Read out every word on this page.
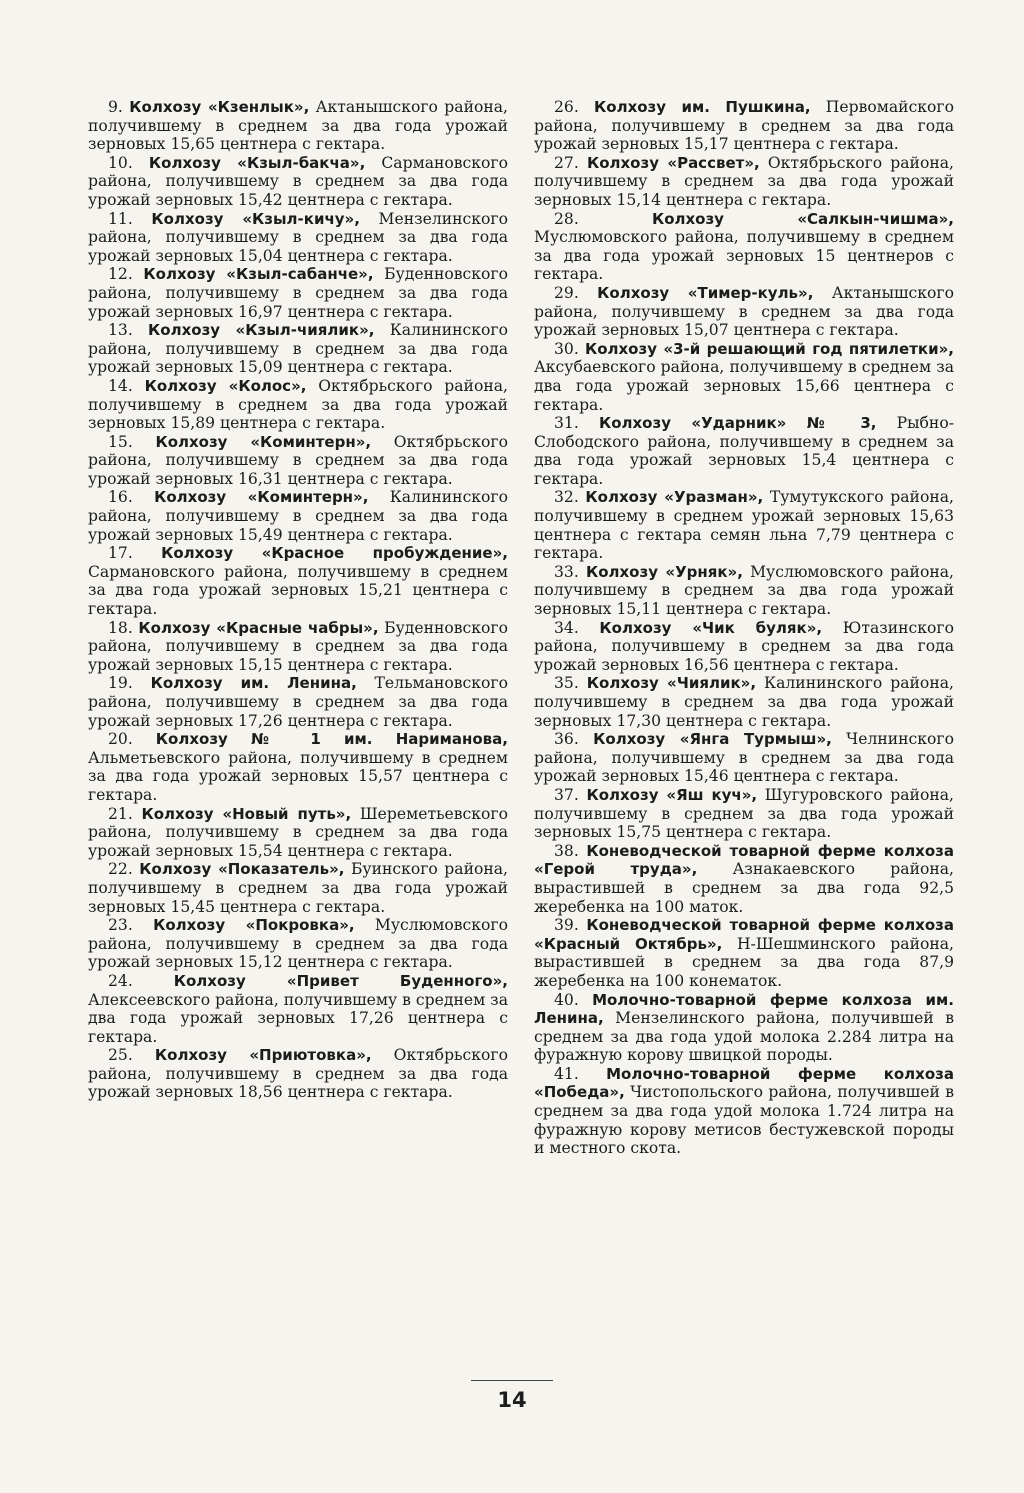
9. Колхозу «Кзенлык», Актанышского района, получившему в среднем за два года урожай зерновых 15,65 центнера с гектара.

10. Колхозу «Кзыл-бакча», Сармановского района, получившему в среднем за два года урожай зерновых 15,42 центнера с гектара.

11. Колхозу «Кзыл-кичу», Мензелинского района, получившему в среднем за два года урожай зерновых 15,04 центнера с гектара.

12. Колхозу «Кзыл-сабанче», Буденновского района, получившему в среднем за два года урожай зерновых 16,97 центнера с гектара.

13. Колхозу «Кзыл-чиялик», Калининского района, получившему в среднем за два года урожай зерновых 15,09 центнера с гектара.

14. Колхозу «Колос», Октябрьского района, получившему в среднем за два года урожай зерновых 15,89 центнера с гектара.

15. Колхозу «Коминтерн», Октябрьского района, получившему в среднем за два года урожай зерновых 16,31 центнера с гектара.

16. Колхозу «Коминтерн», Калининского района, получившему в среднем за два года урожай зерновых 15,49 центнера с гектара.

17. Колхозу «Красное пробуждение», Сармановского района, получившему в среднем за два года урожай зерновых 15,21 центнера с гектара.

18. Колхозу «Красные чабры», Буденновского района, получившему в среднем за два года урожай зерновых 15,15 центнера с гектара.

19. Колхозу им. Ленина, Тельмановского района, получившему в среднем за два года урожай зерновых 17,26 центнера с гектара.

20. Колхозу № 1 им. Нариманова, Альметьевского района, получившему в среднем за два года урожай зерновых 15,57 центнера с гектара.

21. Колхозу «Новый путь», Шереметьевского района, получившему в среднем за два года урожай зерновых 15,54 центнера с гектара.

22. Колхозу «Показатель», Буинского района, получившему в среднем за два года урожай зерновых 15,45 центнера с гектара.

23. Колхозу «Покровка», Муслюмовского района, получившему в среднем за два года урожай зерновых 15,12 центнера с гектара.

24.	Колхозу «Привет Буденного», Алексеевского района, получившему в среднем за два года урожай зерновых 17,26 центнера с гектара.

25. Колхозу «Приютовка», Октябрьского района, получившему в среднем за два года урожай зерновых 18,56 центнера с гектара.

26. Колхозу им. Пушкина, Первомайского района, получившему в среднем за два года урожай зерновых 15,17 центнера с гектара.

27. Колхозу «Рассвет», Октябрьского района, получившему в среднем за два года урожай зерновых 15,14 центнера с гектара.

28.	Колхозу «Салкын-чишма», Муслюмовского района, получившему в среднем за два года урожай зерновых 15 центнеров с гектара.

29. Колхозу «Тимер-куль», Актанышского района, получившему в среднем за два года урожай зерновых 15,07 центнера с гектара.

30. Колхозу «3-й решающий год пятилетки», Аксубаевского района, получившему в среднем за два года урожай зерновых 15,66 центнера с гектара.

31. Колхозу «Ударник» № 3, Рыбно-Слободского района, получившему в среднем за два года урожай зерновых 15,4 центнера с гектара.

32. Колхозу «Уразман», Тумутукского района, получившему в среднем урожай зерновых 15,63 центнера с гектара семян льна 7,79 центнера с гектара.

33. Колхозу «Урняк», Муслюмовского района, получившему в среднем за два года урожай зерновых 15,11 центнера с гектара.

34. Колхозу «Чик буляк», Ютазинского района, получившему в среднем за два года урожай зерновых 16,56 центнера с гектара.

35. Колхозу «Чиялик», Калининского района, получившему в среднем за два года урожай зерновых 17,30 центнера с гектара.

36. Колхозу «Янга Турмыш», Челнинского района, получившему в среднем за два года урожай зерновых 15,46 центнера с гектара.

37. Колхозу «Яш куч», Шугуровского района, получившему в среднем за два года урожай зерновых 15,75 центнера с гектара.

38. Коневодческой товарной ферме колхоза «Герой труда», Азнакаевского района, вырастившей в среднем за два года 92,5 жеребенка на 100 маток.

39. Коневодческой товарной ферме колхоза «Красный Октябрь», Н-Шешминского района, вырастившей в среднем за два года 87,9 жеребенка на 100 конематок.

40. Молочно-товарной ферме колхоза им. Ленина, Мензелинского района, получившей в среднем за два года удой молока 2.284 литра на фуражную корову швицкой породы.

41. Молочно-товарной ферме колхоза «Победа», Чистопольского района, получившей в среднем за два года удой молока 1.724 литра на фуражную корову метисов бестужевской породы и местного скота.

14
